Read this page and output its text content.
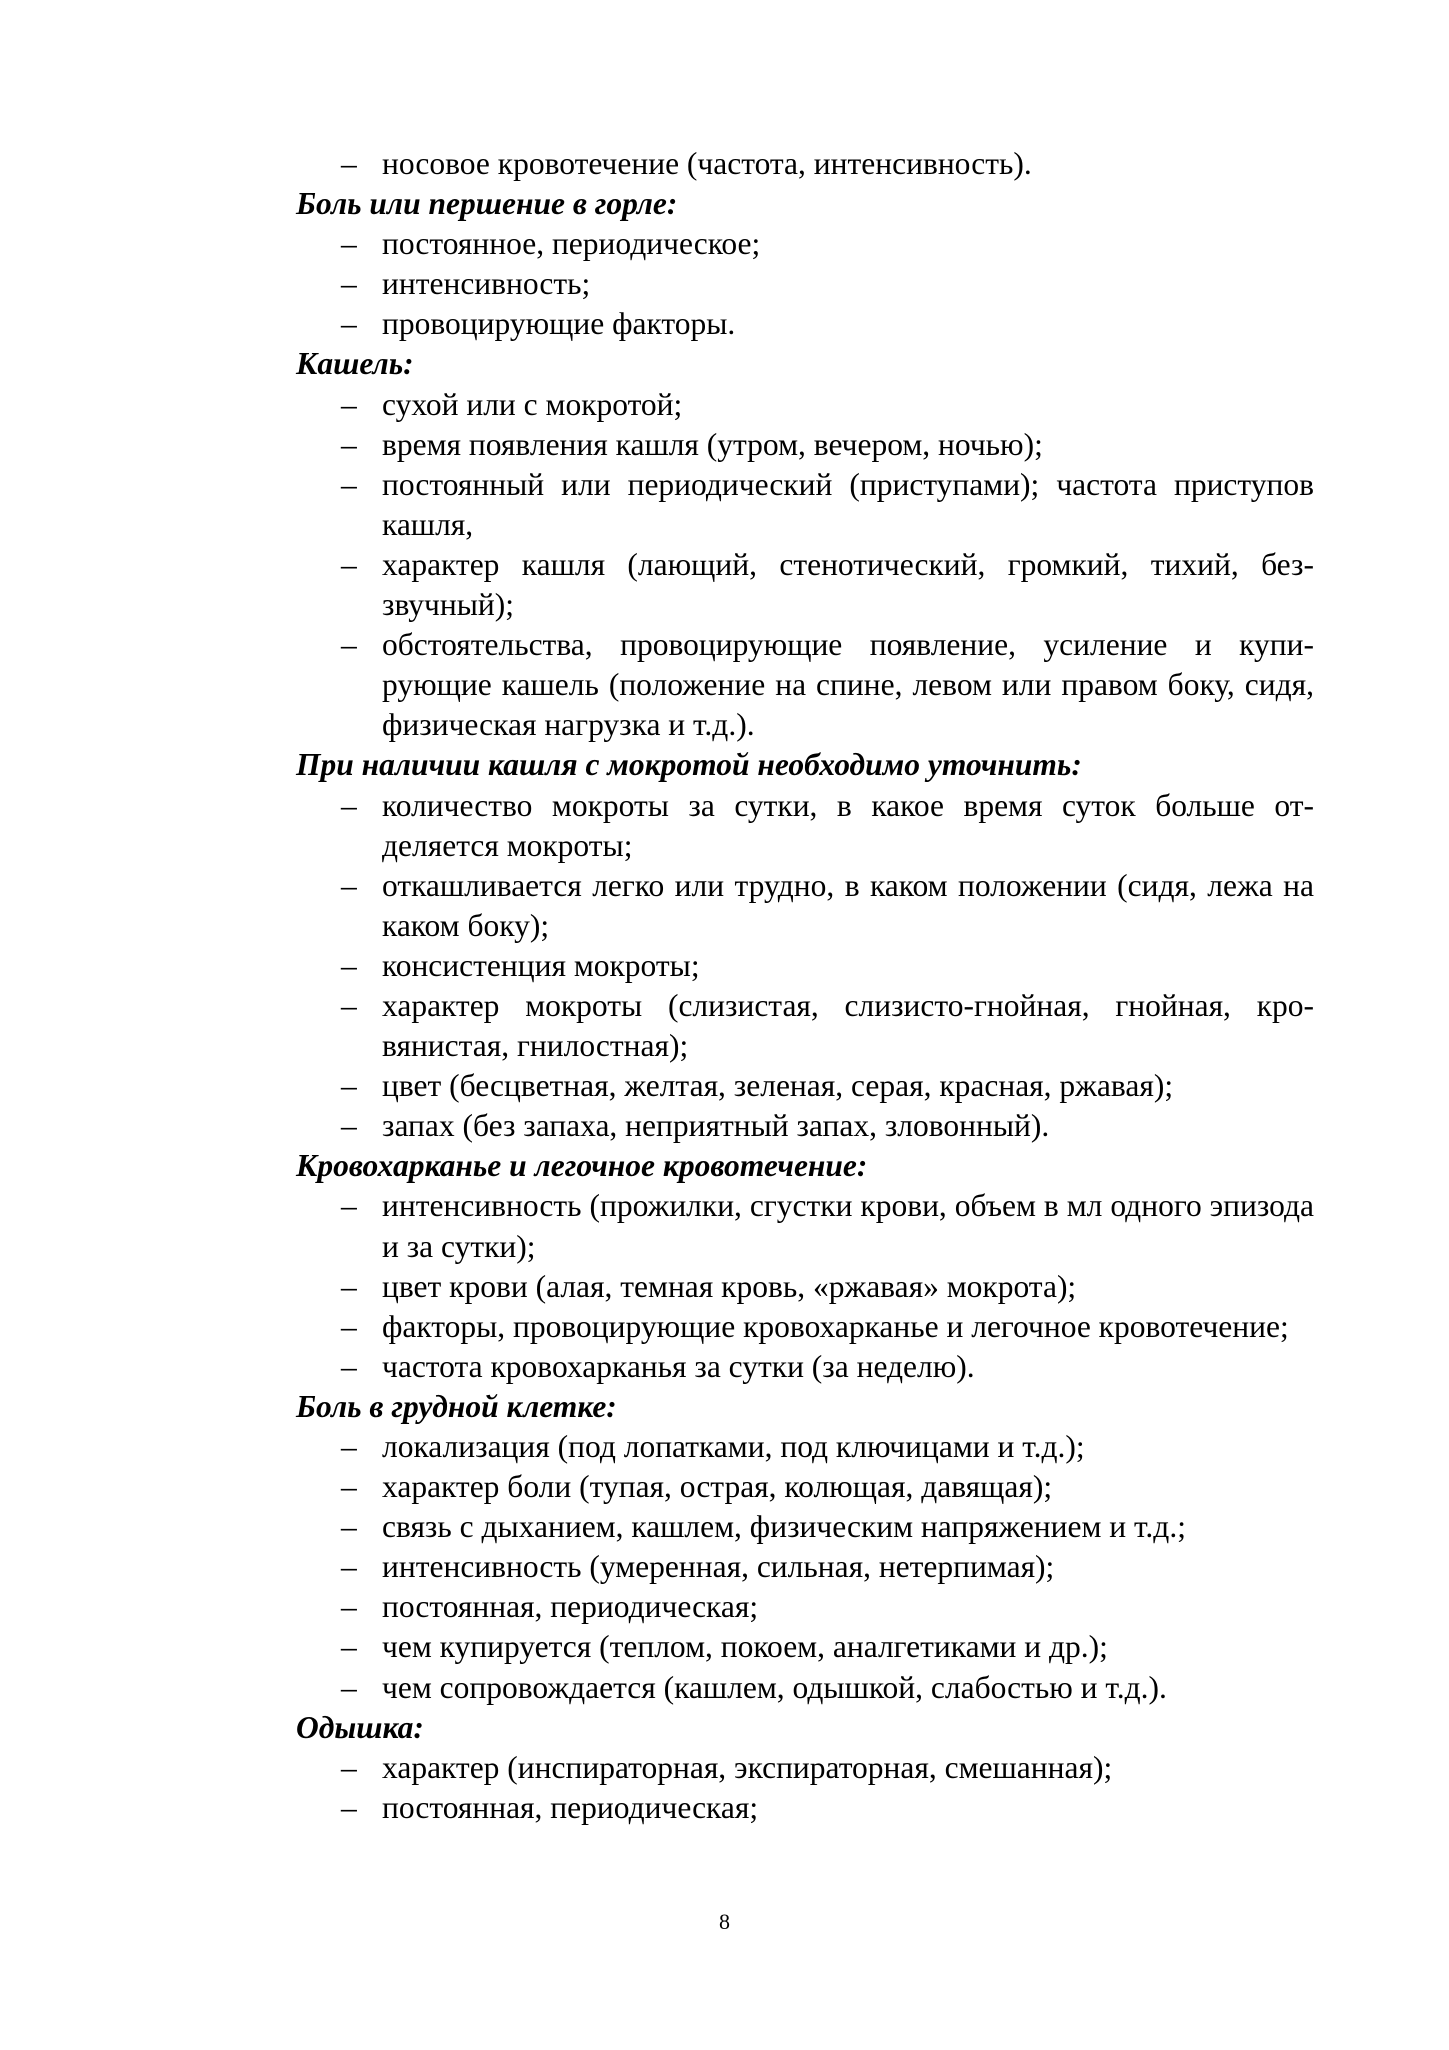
– носовое кровотечение (частота, интенсивность).
Боль или першение в горле:
– постоянное, периодическое;
– интенсивность;
– провоцирующие факторы.
Кашель:
– сухой или с мокротой;
– время появления кашля (утром, вечером, ночью);
– постоянный или периодический (приступами); частота приступов кашля,
– характер кашля (лающий, стенотический, громкий, тихий, беззвучный);
– обстоятельства, провоцирующие появление, усиление и купирующие кашель (положение на спине, левом или правом боку, сидя, физическая нагрузка и т.д.).
При наличии кашля с мокротой необходимо уточнить:
– количество мокроты за сутки, в какое время суток больше отделяется мокроты;
– откашливается легко или трудно, в каком положении (сидя, лежа на каком боку);
– консистенция мокроты;
– характер мокроты (слизистая, слизисто-гнойная, гнойная, кровянистая, гнилостная);
– цвет (бесцветная, желтая, зеленая, серая, красная, ржавая);
– запах (без запаха, неприятный запах, зловонный).
Кровохарканье и легочное кровотечение:
– интенсивность (прожилки, сгустки крови, объем в мл одного эпизода и за сутки);
– цвет крови (алая, темная кровь, «ржавая» мокрота);
– факторы, провоцирующие кровохарканье и легочное кровотечение;
– частота кровохарканья за сутки (за неделю).
Боль в грудной клетке:
– локализация (под лопатками, под ключицами и т.д.);
– характер боли (тупая, острая, колющая, давящая);
– связь с дыханием, кашлем, физическим напряжением и т.д.;
– интенсивность (умеренная, сильная, нетерпимая);
– постоянная, периодическая;
– чем купируется (теплом, покоем, аналгетиками и др.);
– чем сопровождается (кашлем, одышкой, слабостью и т.д.).
Одышка:
– характер (инспираторная, экспираторная, смешанная);
– постоянная, периодическая;
8
